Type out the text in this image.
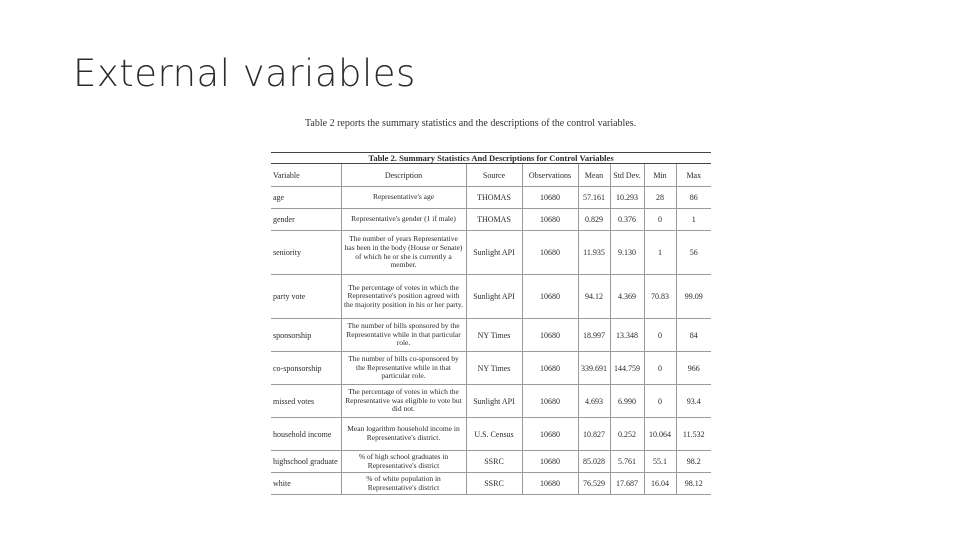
External variables

Table 2 reports the summary statistics and the descriptions of the control variables.

Table 2. Summary Statistics And Descriptions for Control Variables							
Variable	Description	Source	Observations	Mean	Std Dev.	Min	Max
age	Representative's age	THOMAS	10680	57.161	10.293	28	86
gender	Representative's gender (1 if male)	THOMAS	10680	0.829	0.376	0	1
seniority	The number of years Representative has been in the body (House or Senate) of which he or she is currently a member.	Sunlight API	10680	11.935	9.130	1	56
party vote	The percentage of votes in which the Representative's position agreed with the majority position in his or her party.	Sunlight API	10680	94.12	4.369	70.83	99.09
sponsorship	The number of bills sponsored by the Representative while in that particular role.	NY Times	10680	18.997	13.348	0	84
co-sponsorship	The number of bills co-sponsored by the Representative while in that particular role.	NY Times	10680	339.691	144.759	0	966
missed votes	The percentage of votes in which the Representative was eligible to vote but did not.	Sunlight API	10680	4.693	6.990	0	93.4
household income	Mean logarithm household income in Representative's district.	U.S. Census	10680	10.827	0.252	10.064	11.532
highschool graduate	% of high school graduates in Representative's district	SSRC	10680	85.028	5.761	55.1	98.2
white	% of white population in Representative's district	SSRC	10680	76.529	17.687	16.04	98.12
